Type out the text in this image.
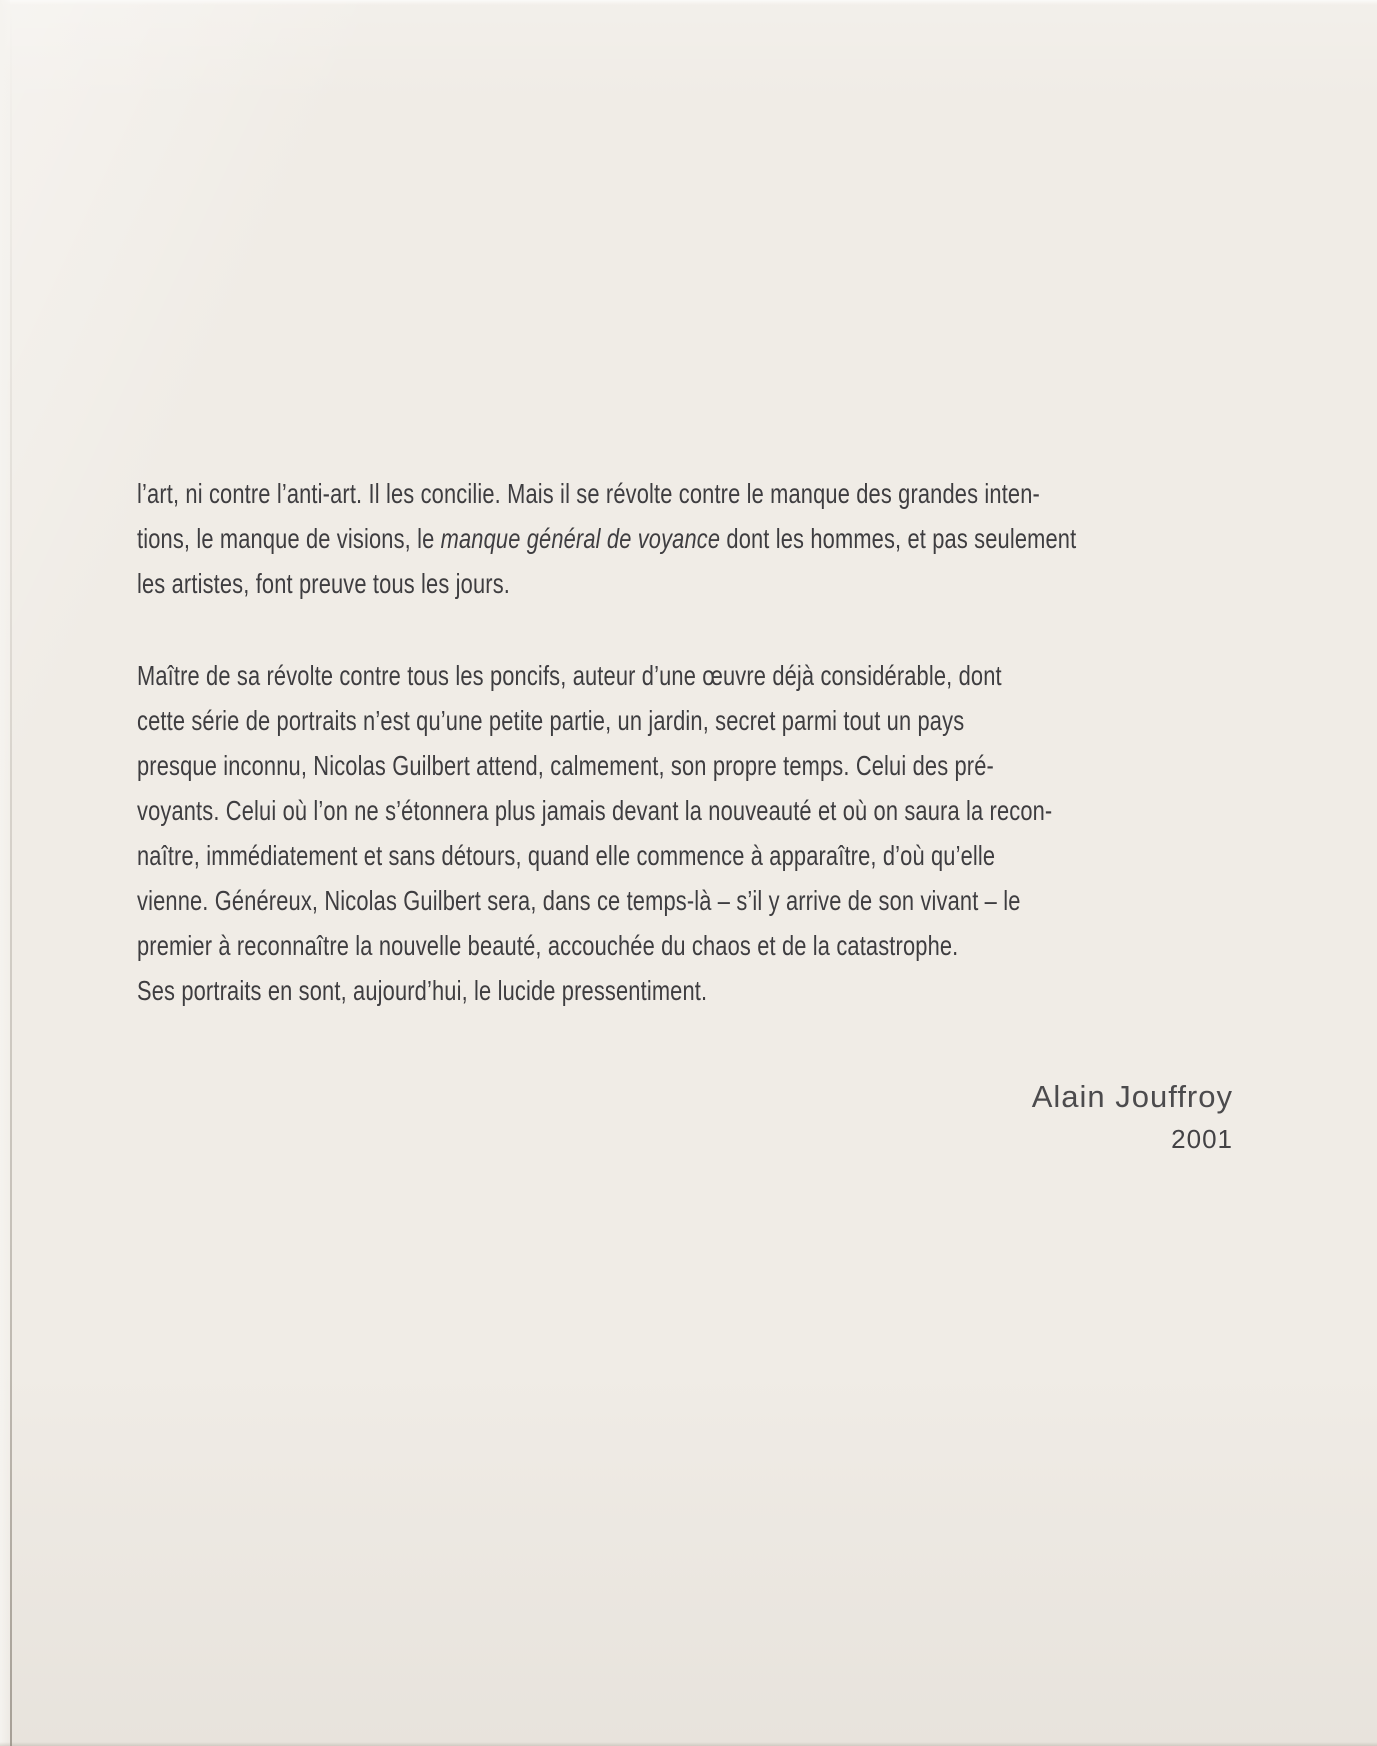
l’art, ni contre l’anti-art. Il les concilie. Mais il se révolte contre le manque des grandes inten-
tions, le manque de visions, le manque général de voyance dont les hommes, et pas seulement
les artistes, font preuve tous les jours.
Maître de sa révolte contre tous les poncifs, auteur d’une œuvre déjà considérable, dont
cette série de portraits n’est qu’une petite partie, un jardin, secret parmi tout un pays
presque inconnu, Nicolas Guilbert attend, calmement, son propre temps. Celui des pré-
voyants. Celui où l’on ne s’étonnera plus jamais devant la nouveauté et où on saura la recon-
naître, immédiatement et sans détours, quand elle commence à apparaître, d’où qu’elle
vienne. Généreux, Nicolas Guilbert sera, dans ce temps-là – s’il y arrive de son vivant – le
premier à reconnaître la nouvelle beauté, accouchée du chaos et de la catastrophe.
Ses portraits en sont, aujourd’hui, le lucide pressentiment.
Alain Jouffroy
2001
